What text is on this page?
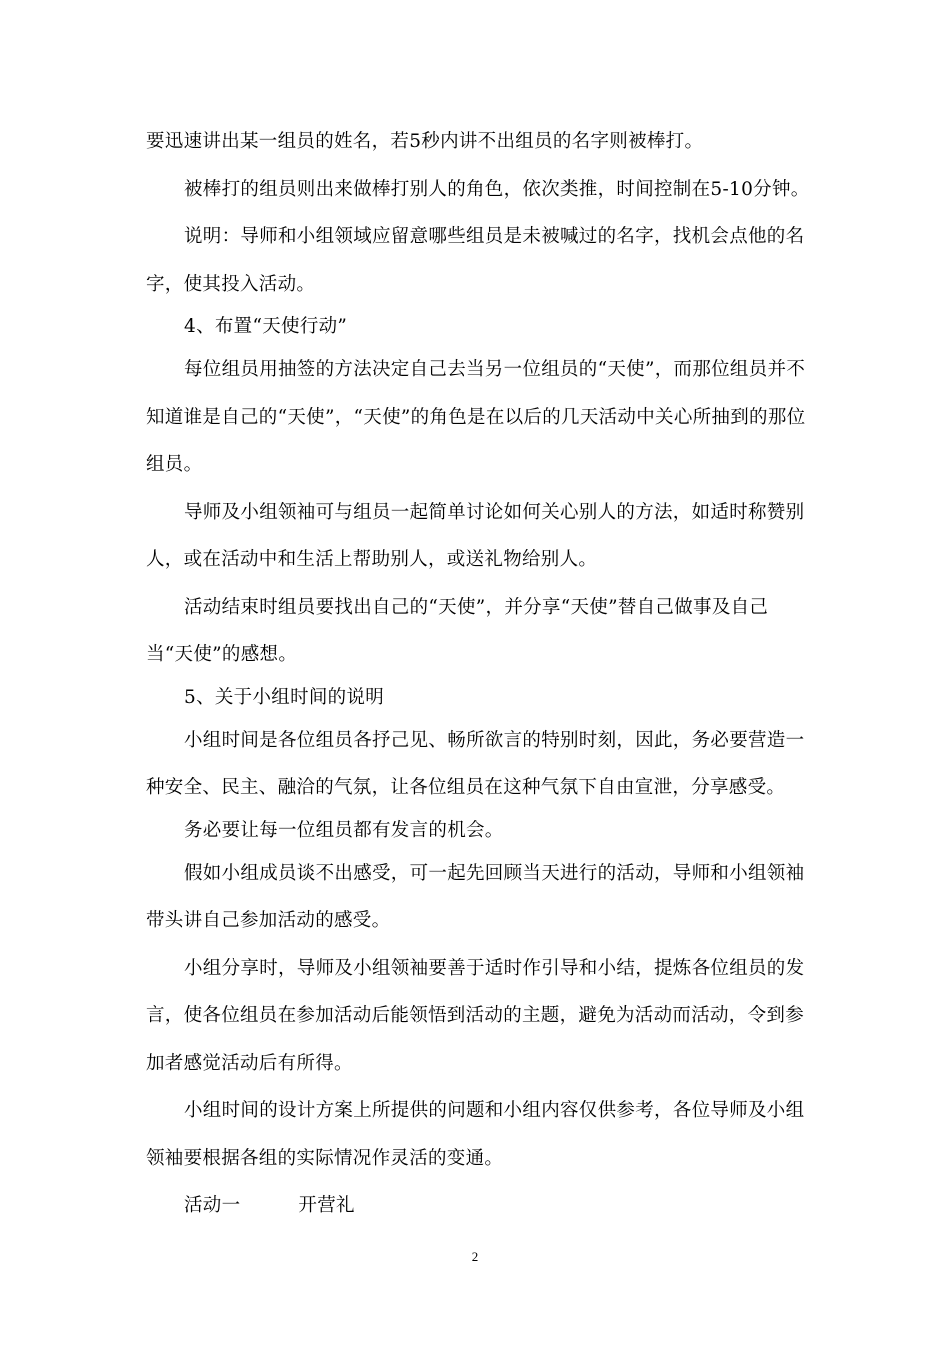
要迅速讲出某一组员的姓名，若5秒内讲不出组员的名字则被棒打。

被棒打的组员则出来做棒打别人的角色，依次类推，时间控制在5-10分钟。

说明：导师和小组领域应留意哪些组员是未被喊过的名字，找机会点他的名字，使其投入活动。

4、布置“天使行动”

每位组员用抽签的方法决定自己去当另一位组员的“天使”，而那位组员并不知道谁是自己的“天使”，“天使”的角色是在以后的几天活动中关心所抽到的那位组员。

导师及小组领袖可与组员一起简单讨论如何关心别人的方法，如适时称赞别人，或在活动中和生活上帮助别人，或送礼物给别人。

活动结束时组员要找出自己的“天使”，并分享“天使”替自己做事及自己当“天使”的感想。

5、关于小组时间的说明

小组时间是各位组员各抒己见、畅所欲言的特别时刻，因此，务必要营造一种安全、民主、融洽的气氛，让各位组员在这种气氛下自由宣泄，分享感受。

务必要让每一位组员都有发言的机会。

假如小组成员谈不出感受，可一起先回顾当天进行的活动，导师和小组领袖带头讲自己参加活动的感受。

小组分享时，导师及小组领袖要善于适时作引导和小结，提炼各位组员的发言，使各位组员在参加活动后能领悟到活动的主题，避免为活动而活动，令到参加者感觉活动后有所得。

小组时间的设计方案上所提供的问题和小组内容仅供参考，各位导师及小组领袖要根据各组的实际情况作灵活的变通。

活动一	开营礼

2
